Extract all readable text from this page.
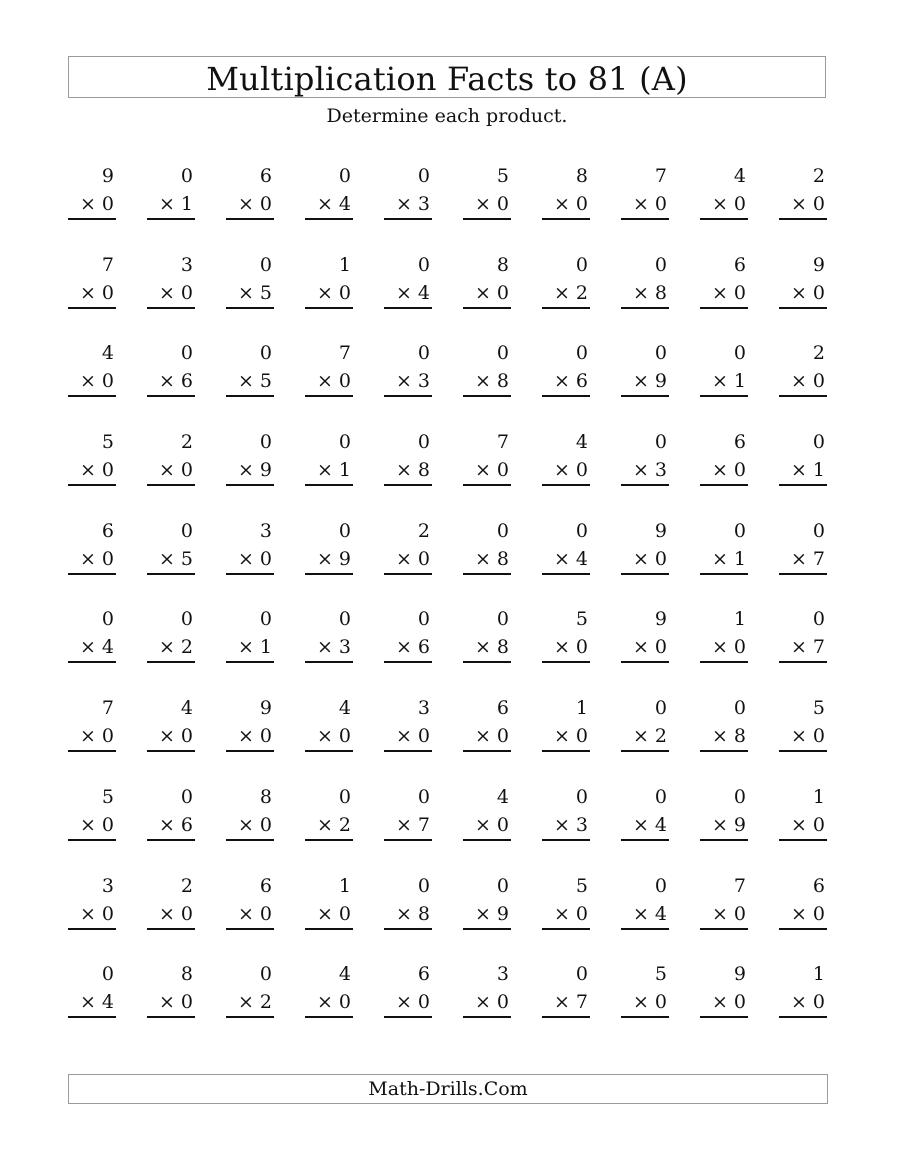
Multiplication Facts to 81 (A)
Determine each product.
9
× 0
0
× 1
6
× 0
0
× 4
0
× 3
5
× 0
8
× 0
7
× 0
4
× 0
2
× 0
7
× 0
3
× 0
0
× 5
1
× 0
0
× 4
8
× 0
0
× 2
0
× 8
6
× 0
9
× 0
4
× 0
0
× 6
0
× 5
7
× 0
0
× 3
0
× 8
0
× 6
0
× 9
0
× 1
2
× 0
5
× 0
2
× 0
0
× 9
0
× 1
0
× 8
7
× 0
4
× 0
0
× 3
6
× 0
0
× 1
6
× 0
0
× 5
3
× 0
0
× 9
2
× 0
0
× 8
0
× 4
9
× 0
0
× 1
0
× 7
0
× 4
0
× 2
0
× 1
0
× 3
0
× 6
0
× 8
5
× 0
9
× 0
1
× 0
0
× 7
7
× 0
4
× 0
9
× 0
4
× 0
3
× 0
6
× 0
1
× 0
0
× 2
0
× 8
5
× 0
5
× 0
0
× 6
8
× 0
0
× 2
0
× 7
4
× 0
0
× 3
0
× 4
0
× 9
1
× 0
3
× 0
2
× 0
6
× 0
1
× 0
0
× 8
0
× 9
5
× 0
0
× 4
7
× 0
6
× 0
0
× 4
8
× 0
0
× 2
4
× 0
6
× 0
3
× 0
0
× 7
5
× 0
9
× 0
1
× 0
Math-Drills.Com
